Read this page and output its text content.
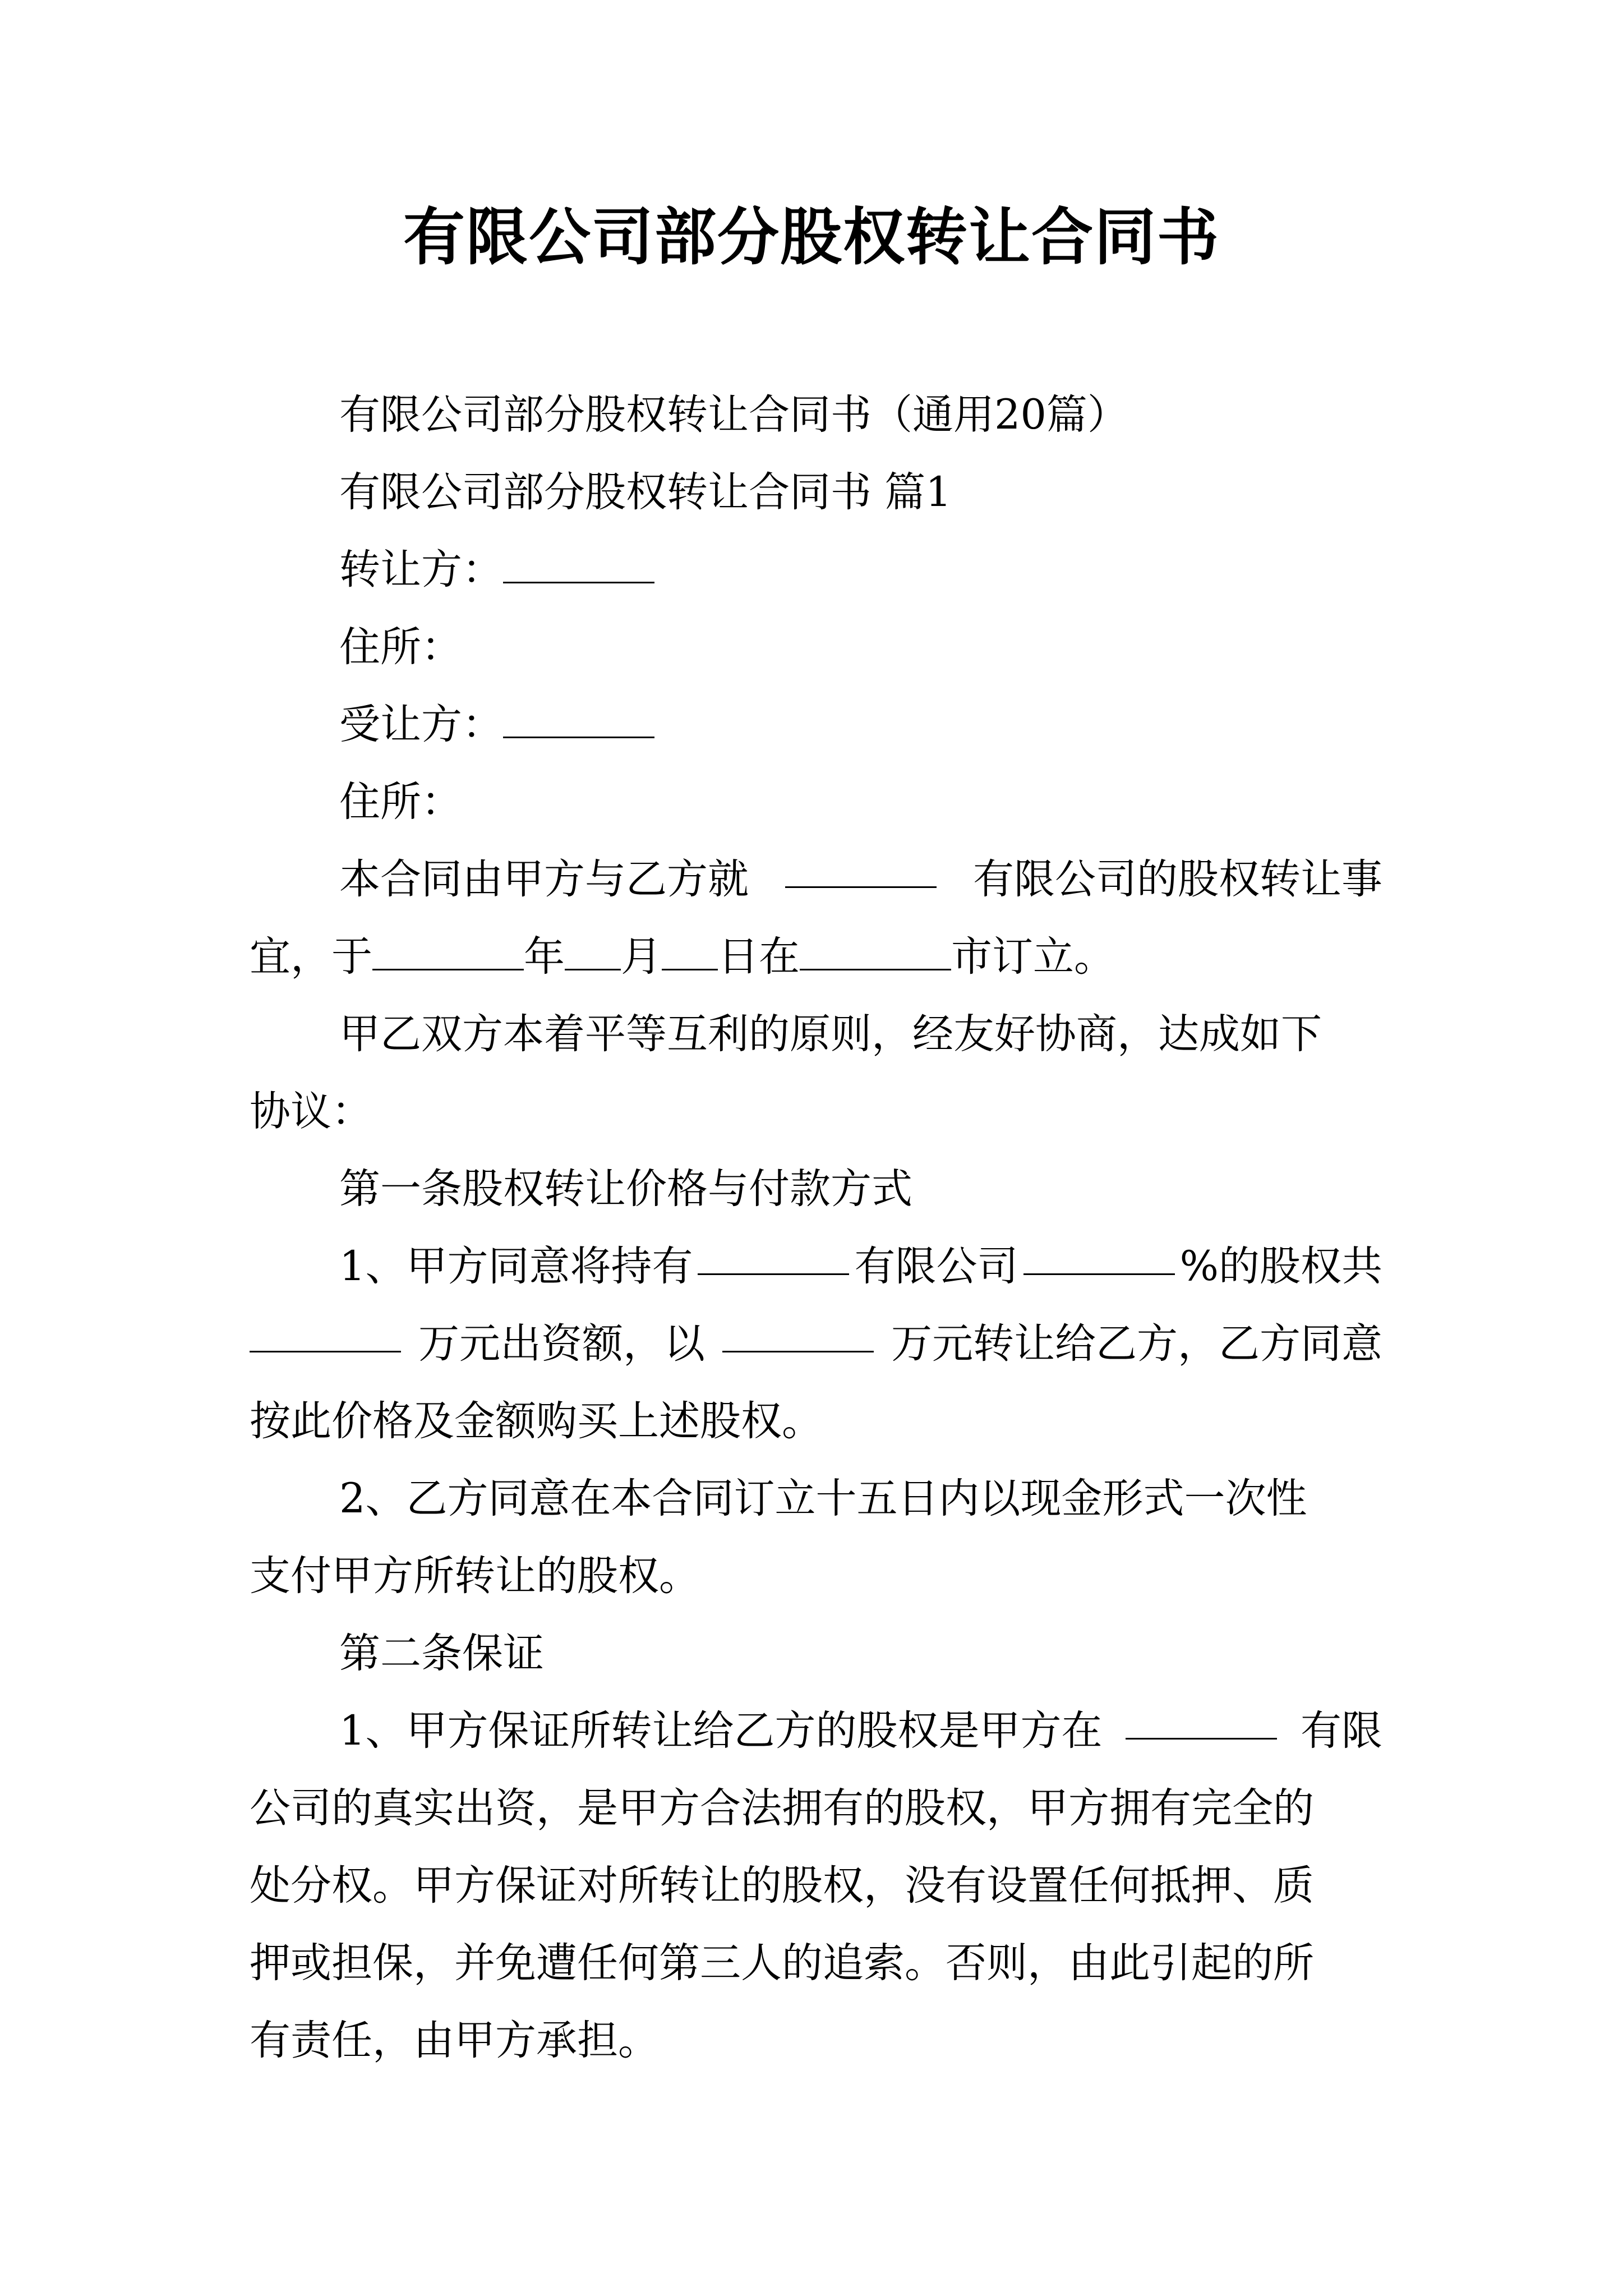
有限公司部分股权转让合同书
有限公司部分股权转让合同书（通用20篇）
有限公司部分股权转让合同书 篇1
转让方：
住所：
受让方：
住所：
本合同由甲方与乙方就	有限公司的股权转让事
宜，于	年 月 日在	市订立。
甲乙双方本着平等互利的原则，经友好协商，达成如下
协议：
第一条股权转让价格与付款方式
1、甲方同意将持有	有限公司	%的股权共
万元出资额，以	万元转让给乙方，乙方同意
按此价格及金额购买上述股权。
2、乙方同意在本合同订立十五日内以现金形式一次性
支付甲方所转让的股权。
第二条保证
1、甲方保证所转让给乙方的股权是甲方在	有限
公司的真实出资，是甲方合法拥有的股权，甲方拥有完全的
处分权。甲方保证对所转让的股权，没有设置任何抵押、质
押或担保，并免遭任何第三人的追索。否则，由此引起的所
有责任，由甲方承担。
